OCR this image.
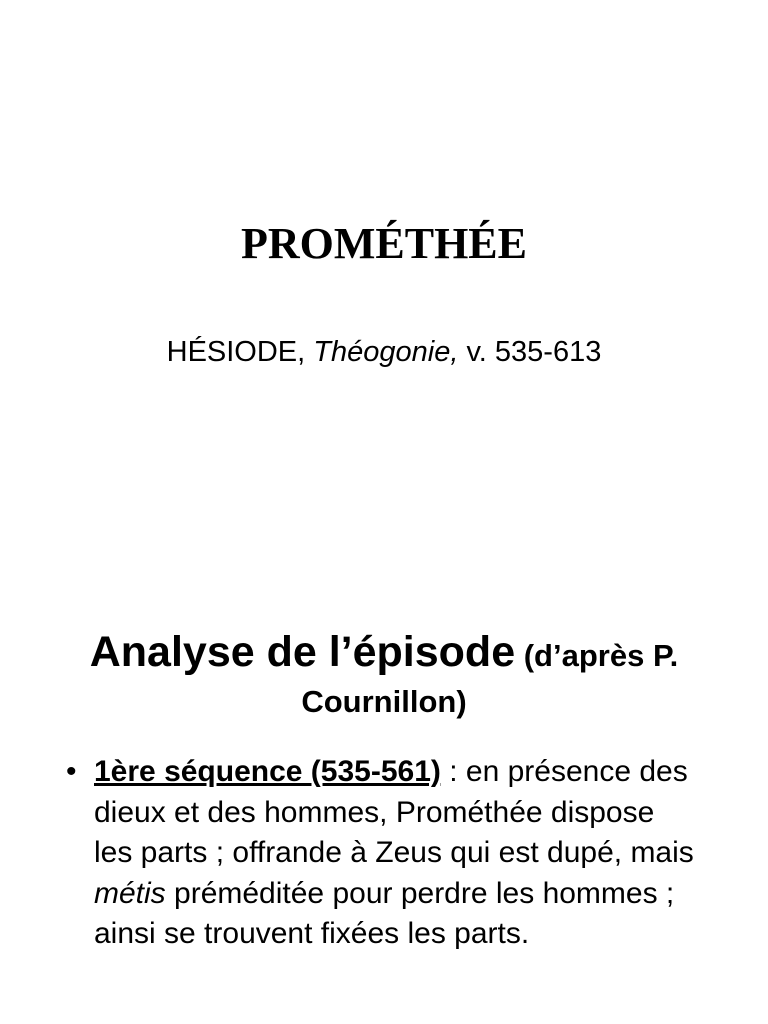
PROMÉTHÉE

HÉSIODE, Théogonie, v. 535-613

Analyse de l’épisode (d’après P. Cournillon)
• 1ère séquence (535-561) : en présence des dieux et des hommes, Prométhée dispose les parts ; offrande à Zeus qui est dupé, mais métis préméditée pour perdre les hommes ; ainsi se trouvent fixées les parts.
